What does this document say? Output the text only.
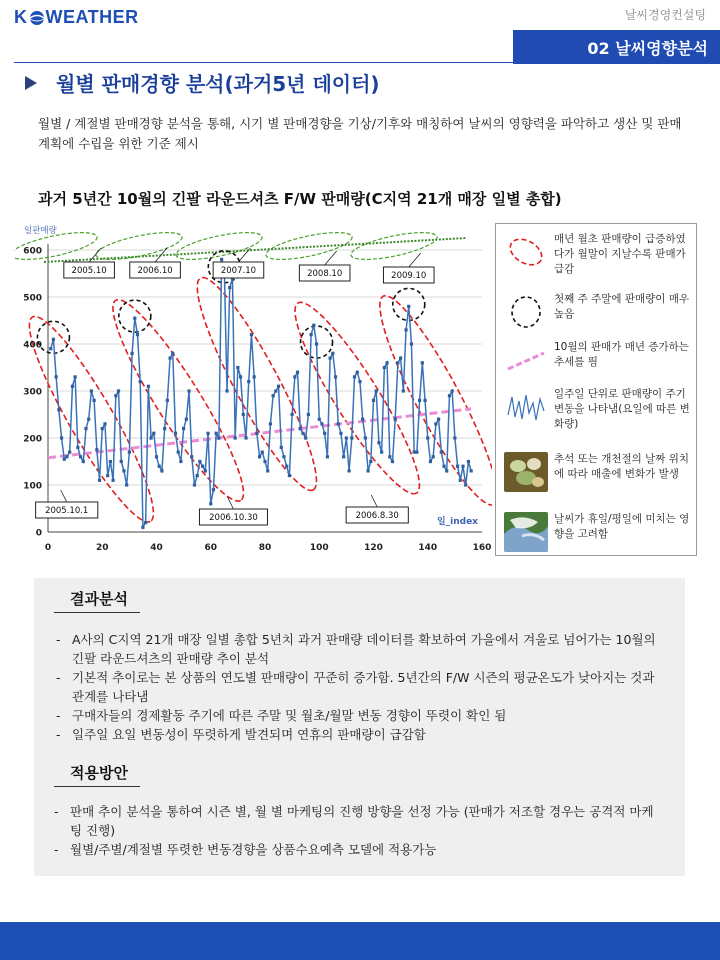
K WEATHER	날씨경영컨설팅
02 날씨영향분석
월별 판매경향 분석(과거5년 데이터)

월별 / 계절별 판매경향 분석을 통해, 시기 별 판매경향을 기상/기후와 매칭하여 날씨의 영향력을 파악하고 생산 및 판매 계획에 수립을 위한 기준 제시

과거 5년간 10월의 긴팔 라운드셔츠 F/W 판매량(C지역 21개 매장 일별 총합)
0
100
200
300
400
500
600
0	20	40	60	80	100	120	140	160
일판매량
일_index
2005.10	2006.10	2007.10	2008.10	2009.10
2005.10.1
2006.10.30	2006.8.30
매년 월초 판매량이 급증하였다가 월말이 지날수록 판매가 급감
첫째 주 주말에 판매량이 매우 높음
10월의 판매가 매년 증가하는 추세를 띔
일주일 단위로 판매량이 주기변동을 나타냄(요일에 따른 변화량)
추석 또는 개천절의 날짜 위치에 따라 매출에 변화가 발생
날씨가 휴일/평일에 미치는 영향을 고려함
결과분석
- A사의 C지역 21개 매장 일별 총합 5년치 과거 판매량 데이터를 확보하여 가을에서 겨울로 넘어가는 10월의 긴팔 라운드셔츠의 판매량 추이 분석
- 기본적 추이로는 본 상품의 연도별 판매량이 꾸준히 증가함. 5년간의 F/W 시즌의 평균온도가 낮아지는 것과 관계를 나타냄
- 구매자들의 경제활동 주기에 따른 주말 및 월초/월말 변동 경향이 뚜렷이 확인 됨
- 일주일 요일 변동성이 뚜렷하게 발견되며 연휴의 판매량이 급감함
적용방안
- 판매 추이 분석을 통하여 시즌 별, 월 별 마케팅의 진행 방향을 선정 가능 (판매가 저조할 경우는 공격적 마케팅 진행)
- 월별/주별/계절별 뚜렷한 변동경향을 상품수요예측 모델에 적용가능
